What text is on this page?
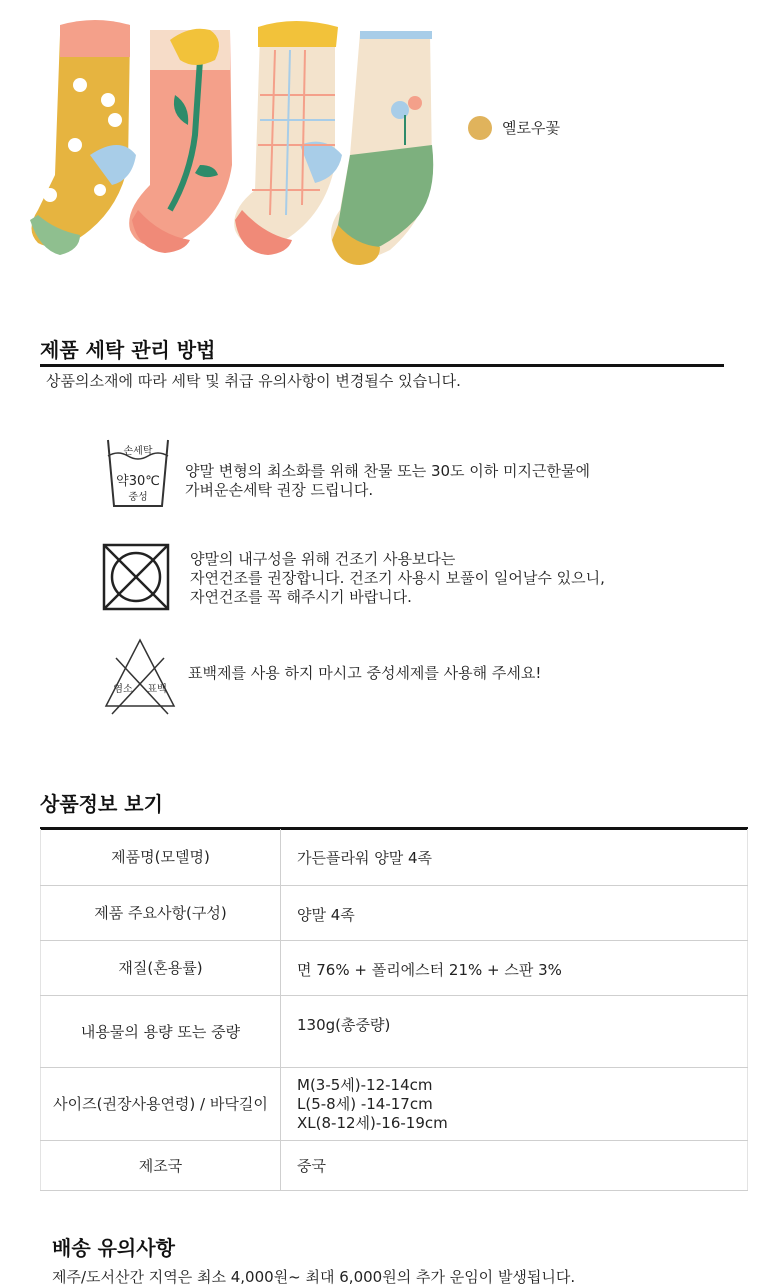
옐로우꽃
제품 세탁 관리 방법
상품의소재에 따라 세탁 및 취급 유의사항이 변경될수 있습니다.
손세탁
약30℃
중성
양말 변형의 최소화를 위해 찬물 또는 30도 이하 미지근한물에
가벼운손세탁 권장 드립니다.
양말의 내구성을 위해 건조기 사용보다는
자연건조를 권장합니다. 건조기 사용시 보풀이 일어날수 있으니,
자연건조를 꼭 해주시기 바랍니다.
염소	표백
표백제를 사용 하지 마시고 중성세제를 사용해 주세요!
상품정보 보기
제품명(모델명)	가든플라워 양말 4족
제품 주요사항(구성)	양말 4족
재질(혼용률)	면 76% + 폴리에스터 21% + 스판 3%
내용물의 용량 또는 중량	130g(총중량)
사이즈(권장사용연령) / 바닥길이	M(3-5세)-12-14cm
L(5-8세) -14-17cm
XL(8-12세)-16-19cm
제조국	중국
배송 유의사항
제주/도서산간 지역은 최소 4,000원~ 최대 6,000원의 추가 운임이 발생됩니다.
